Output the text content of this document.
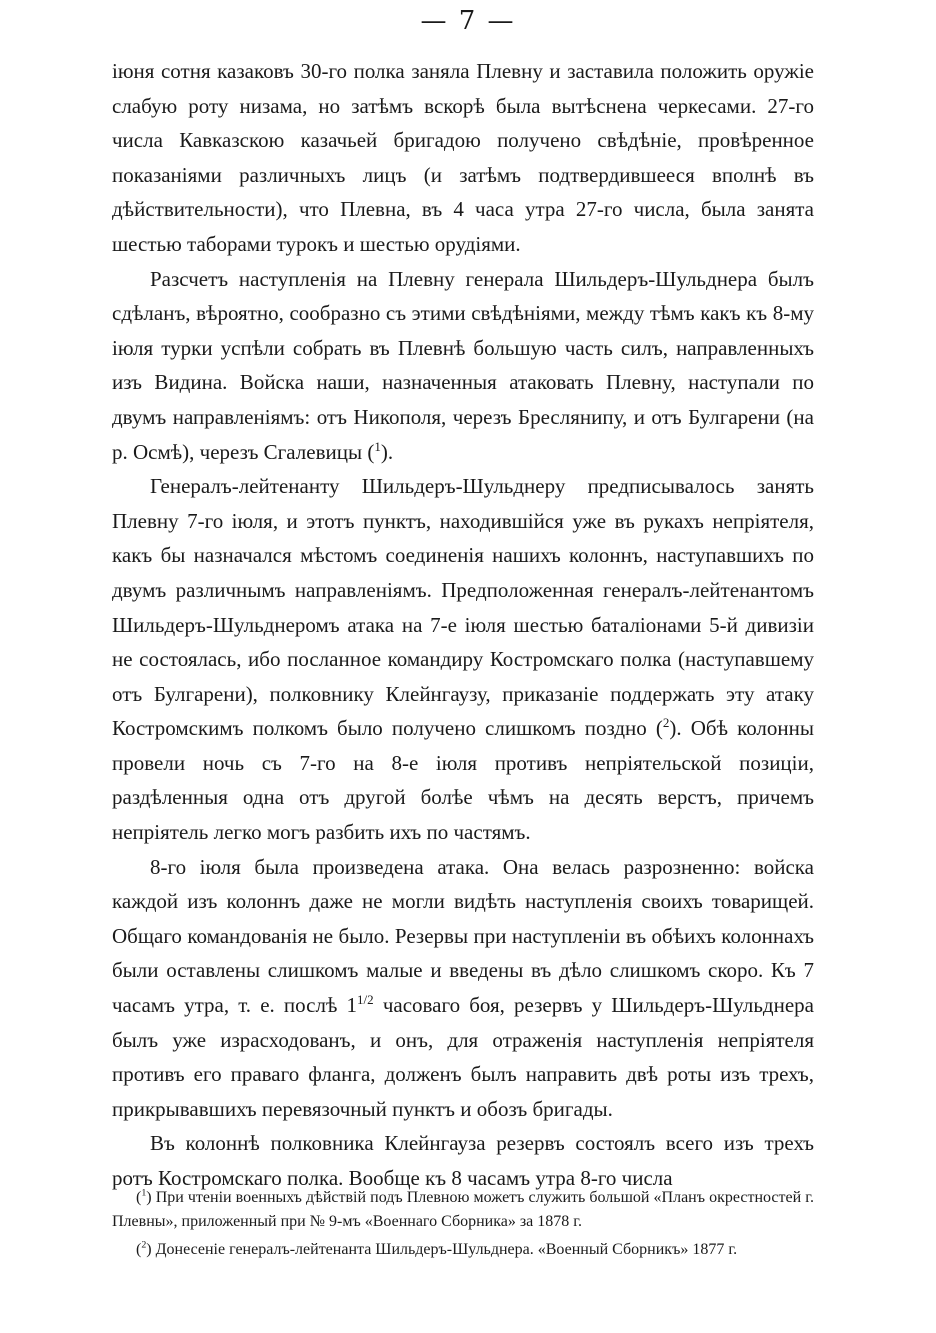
— 7 —

іюня сотня казаковъ 30-го полка заняла Плевну и заставила положить оружіе слабую роту низама, но затѣмъ вскорѣ была вытѣснена черкесами. 27-го числа Кавказскою казачьей бригадою получено свѣдѣніе, провѣренное показаніями различныхъ лицъ (и затѣмъ подтвердившееся вполнѣ въ дѣйствительности), что Плевна, въ 4 часа утра 27-го числа, была занята шестью таборами турокъ и шестью орудіями.

Разсчетъ наступленія на Плевну генерала Шильдеръ-Шульднера былъ сдѣланъ, вѣроятно, сообразно съ этими свѣдѣніями, между тѣмъ какъ къ 8-му іюля турки успѣли собрать въ Плевнѣ большую часть силъ, направленныхъ изъ Видина. Войска наши, назначенныя атаковать Плевну, наступали по двумъ направленіямъ: отъ Никополя, черезъ Бреслянипу, и отъ Булгарени (на р. Осмѣ), черезъ Сгалевицы ($^1$).

Генералъ-лейтенанту Шильдеръ-Шульднеру предписывалось занять Плевну 7-го іюля, и этотъ пунктъ, находившійся уже въ рукахъ непріятеля, какъ бы назначался мѣстомъ соединенія нашихъ колоннъ, наступавшихъ по двумъ различнымъ направленіямъ. Предположенная генералъ-лейтенантомъ Шильдеръ-Шульднеромъ атака на 7-е іюля шестью баталіонами 5-й дивизіи не состоялась, ибо посланное командиру Костромскаго полка (наступавшему отъ Булгарени), полковнику Клейнгаузу, приказаніе поддержать эту атаку Костромскимъ полкомъ было получено слишкомъ поздно ($^2$). Обѣ колонны провели ночь съ 7-го на 8-е іюля противъ непріятельской позиціи, раздѣленныя одна отъ другой болѣе чѣмъ на десять верстъ, причемъ непріятель легко могъ разбить ихъ по частямъ.

8-го іюля была произведена атака. Она велась разрозненно: войска каждой изъ колоннъ даже не могли видѣть наступленія своихъ товарищей. Общаго командованія не было. Резервы при наступленіи въ обѣихъ колоннахъ были оставлены слишкомъ малые и введены въ дѣло слишкомъ скоро. Къ 7 часамъ утра, т. е. послѣ $1^{1/2}$ часоваго боя, резервъ у Шильдеръ-Шульднера былъ уже израсходованъ, и онъ, для отраженія наступленія непріятеля противъ его праваго фланга, долженъ былъ направить двѣ роты изъ трехъ, прикрывавшихъ перевязочный пунктъ и обозъ бригады.

Въ колоннѣ полковника Клейнгауза резервъ состоялъ всего изъ трехъ ротъ Костромскаго полка. Вообще къ 8 часамъ утра 8-го числа

($^1$) При чтеніи военныхъ дѣйствій подъ Плевною можетъ служить большой «Планъ окрестностей г. Плевны», приложенный при № 9-мъ «Военнаго Сборника» за 1878 г.

($^2$) Донесеніе генералъ-лейтенанта Шильдеръ-Шульднера. «Военный Сборникъ» 1877 г.
